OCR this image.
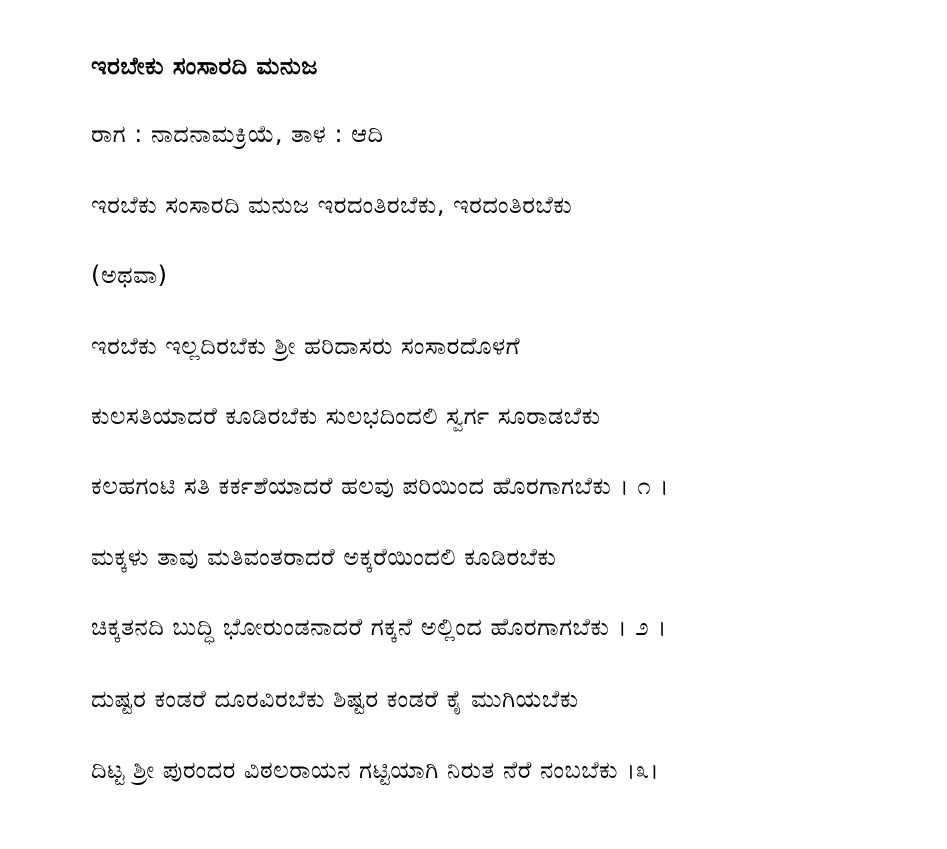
ಇರಬೇಕು ಸಂಸಾರದಿ ಮನುಜ
ರಾಗ : ನಾದನಾಮಕ್ರಿಯೆ, ತಾಳ : ಆದಿ
ಇರಬೆಕು ಸಂಸಾರದಿ ಮನುಜ ಇರದಂತಿರಬೆಕು, ಇರದಂತಿರಬೆಕು
(ಅಥವಾ)
ಇರಬೆಕು ಇಲ್ಲದಿರಬೆಕು ಶ್ರೀ ಹರಿದಾಸರು ಸಂಸಾರದೊಳಗೆ
ಕುಲಸತಿಯಾದರೆ ಕೂಡಿರಬೆಕು ಸುಲಭದಿಂದಲಿ ಸ್ವರ್ಗ ಸೂರಾಡಬೆಕು
ಕಲಹಗಂಟಿ ಸತಿ ಕರ್ಕಶೆಯಾದರೆ ಹಲವು ಪರಿಯಿಂದ ಹೊರಗಾಗಬೆಕು । ೧ ।
ಮಕ್ಕಳು ತಾವು ಮತಿವಂತರಾದರೆ ಅಕ್ಕರೆಯಿಂದಲಿ ಕೂಡಿರಬೆಕು
ಚಿಕ್ಕತನದಿ ಬುದ್ಧಿ ಭೋರುಂಡನಾದರೆ ಗಕ್ಕನೆ ಅಲ್ಲಿಂದ ಹೊರಗಾಗಬೆಕು । ೨ ।
ದುಷ್ಟರ ಕಂಡರೆ ದೂರವಿರಬೆಕು ಶಿಷ್ಟರ ಕಂಡರೆ ಕೈ ಮುಗಿಯಬೆಕು
ದಿಟ್ಟ ಶ್ರೀ ಪುರಂದರ ವಿಠಲರಾಯನ ಗಟ್ಟಿಯಾಗಿ ನಿರುತ ನೆರೆ ನಂಬಬೆಕು ।೩।
